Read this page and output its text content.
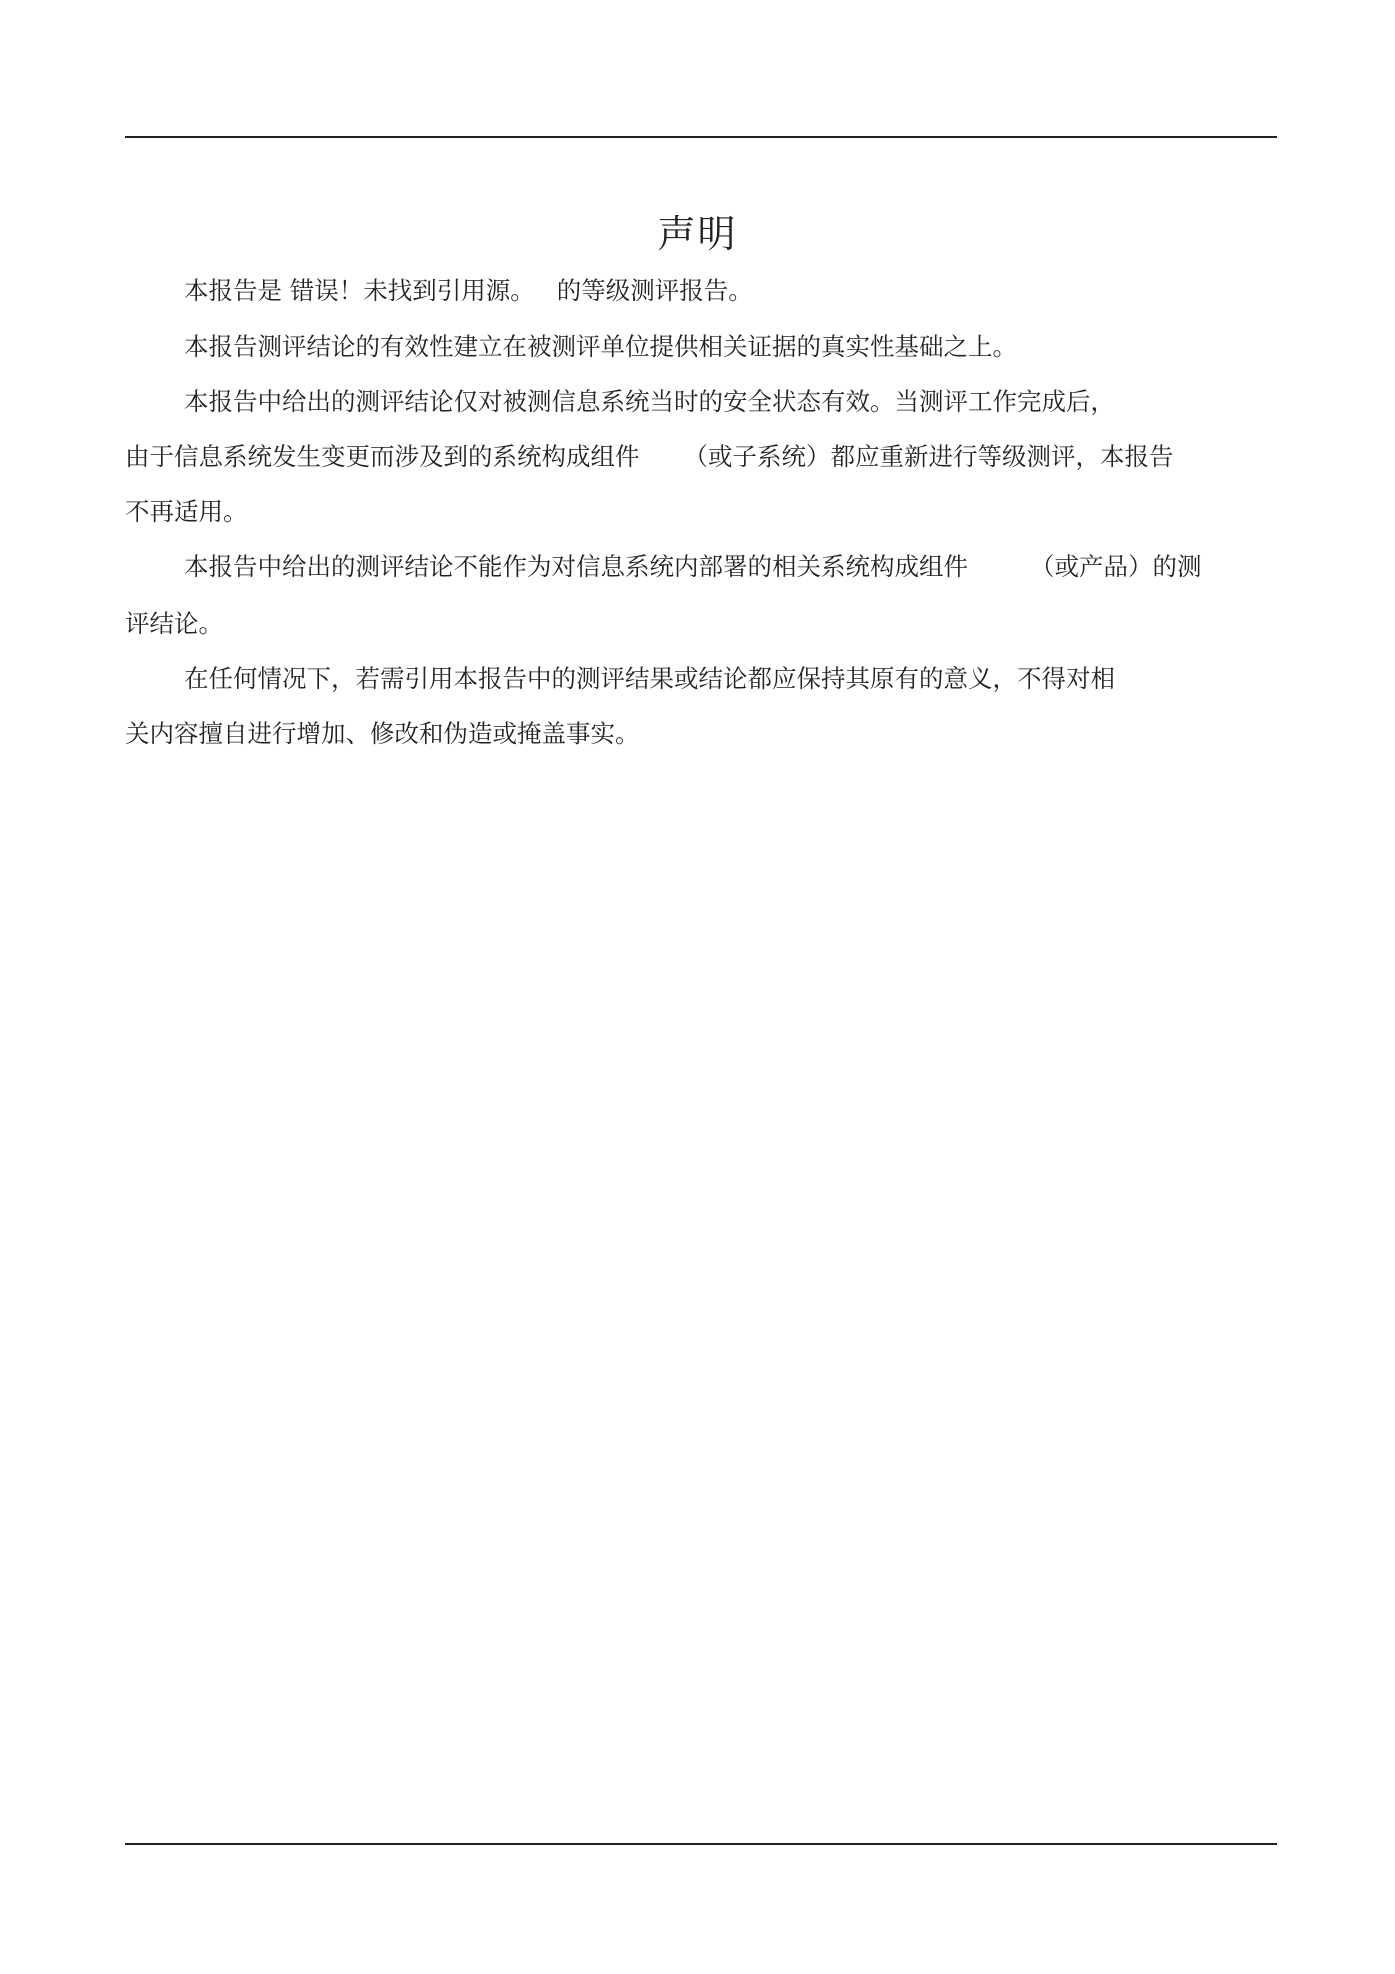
声明
本报告是 错误！未找到引用源。 的等级测评报告。
本报告测评结论的有效性建立在被测评单位提供相关证据的真实性基础之上。
本报告中给出的测评结论仅对被测信息系统当时的安全状态有效。当测评工作完成后，
由于信息系统发生变更而涉及到的系统构成组件 （或子系统）都应重新进行等级测评，本报告
不再适用。
本报告中给出的测评结论不能作为对信息系统内部署的相关系统构成组件	（或产品）的测
评结论。
在任何情况下，若需引用本报告中的测评结果或结论都应保持其原有的意义，不得对相
关内容擅自进行增加、修改和伪造或掩盖事实。
